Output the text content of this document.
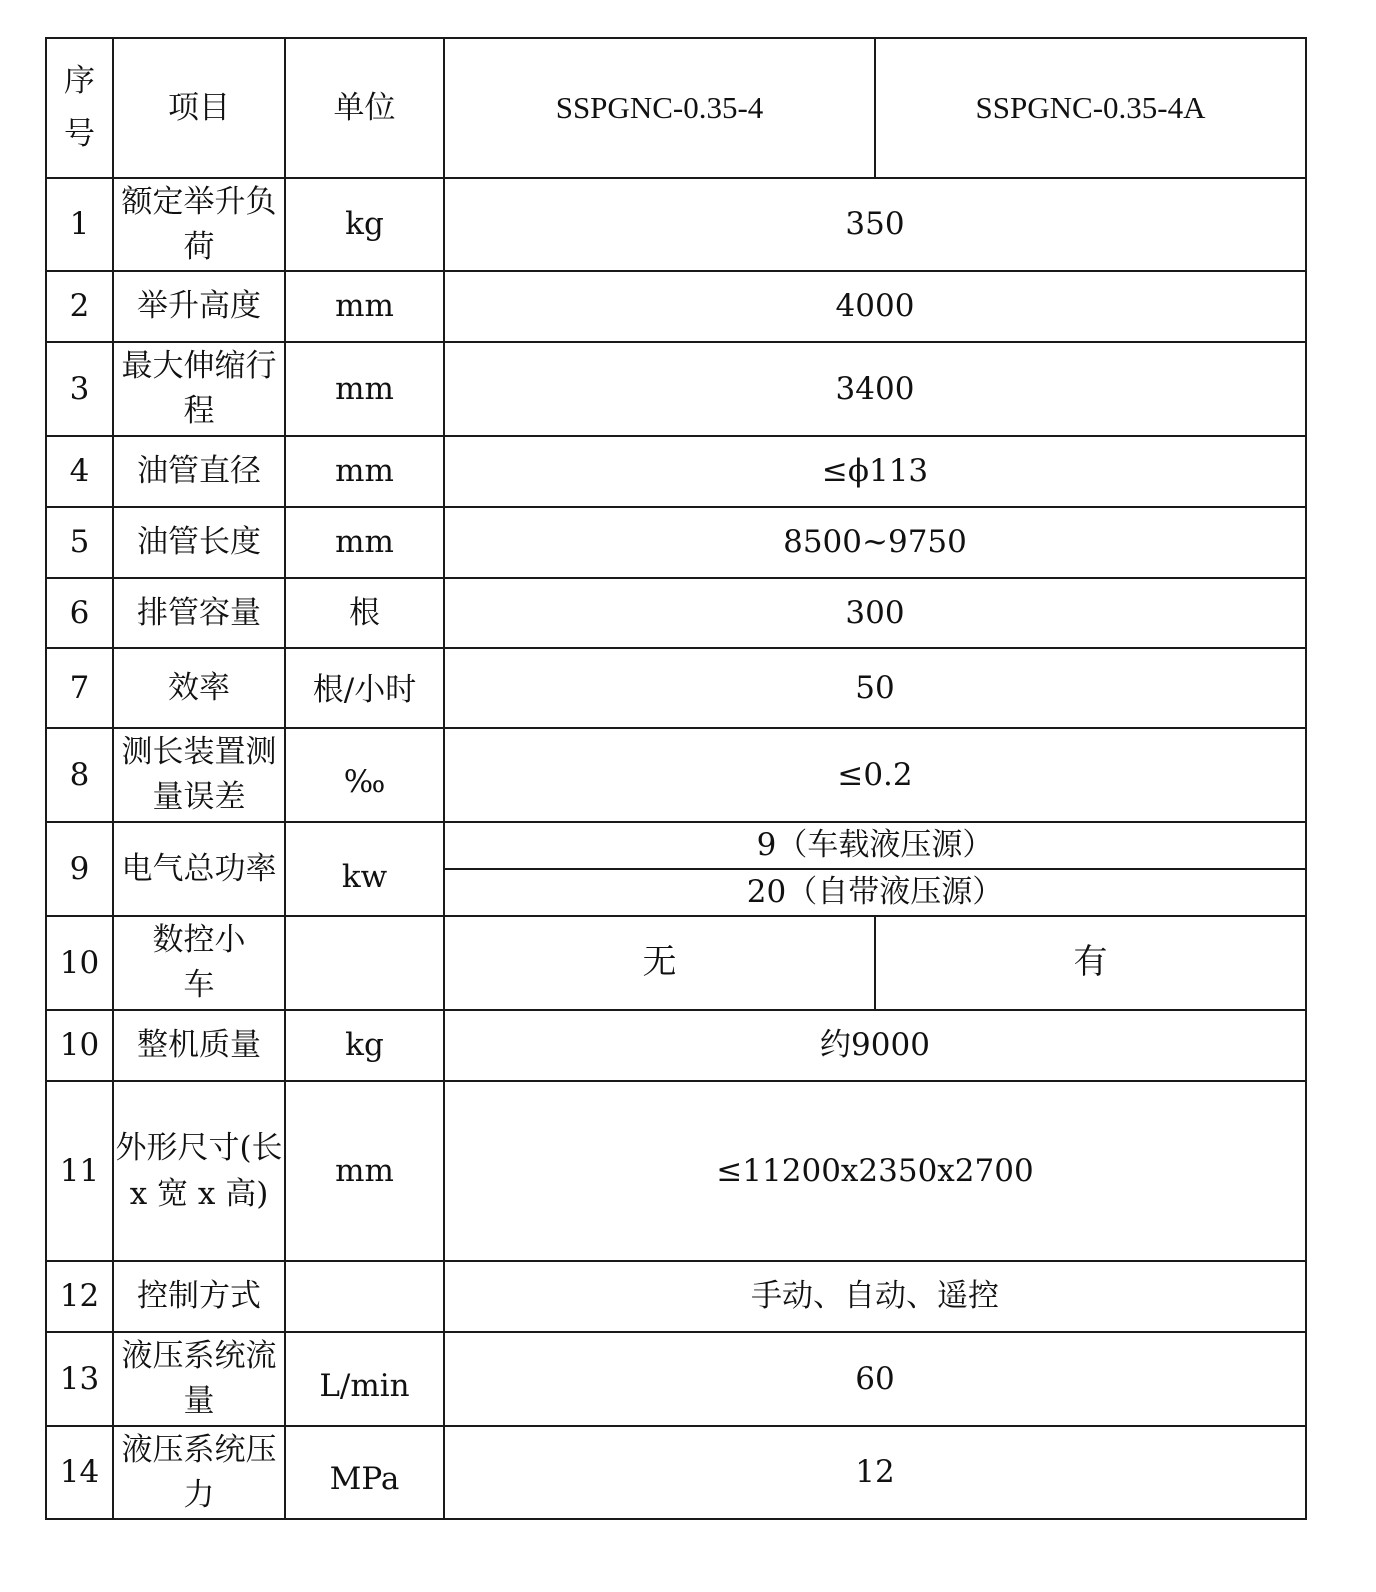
序号	项目	单位	SSPGNC-0.35-4	SSPGNC-0.35-4A
1	额定举升负荷	kg	350	
2	举升高度	mm	4000	
3	最大伸缩行程	mm	3400	
4	油管直径	mm	≤ϕ113	
5	油管长度	mm	8500~9750	
6	排管容量	根	300	
7	效率	根/小时	50	
8	测长装置测量误差	‰	≤0.2	
9	电气总功率	kw	9（车载液压源）	
			20（自带液压源）	
10	数控小车		无	有
10	整机质量	kg	约9000	
11	外形尺寸(长 x 宽 x 高)	mm	≤11200x2350x2700	
12	控制方式		手动、自动、遥控	
13	液压系统流量	L/min	60	
14	液压系统压力	MPa	12	
